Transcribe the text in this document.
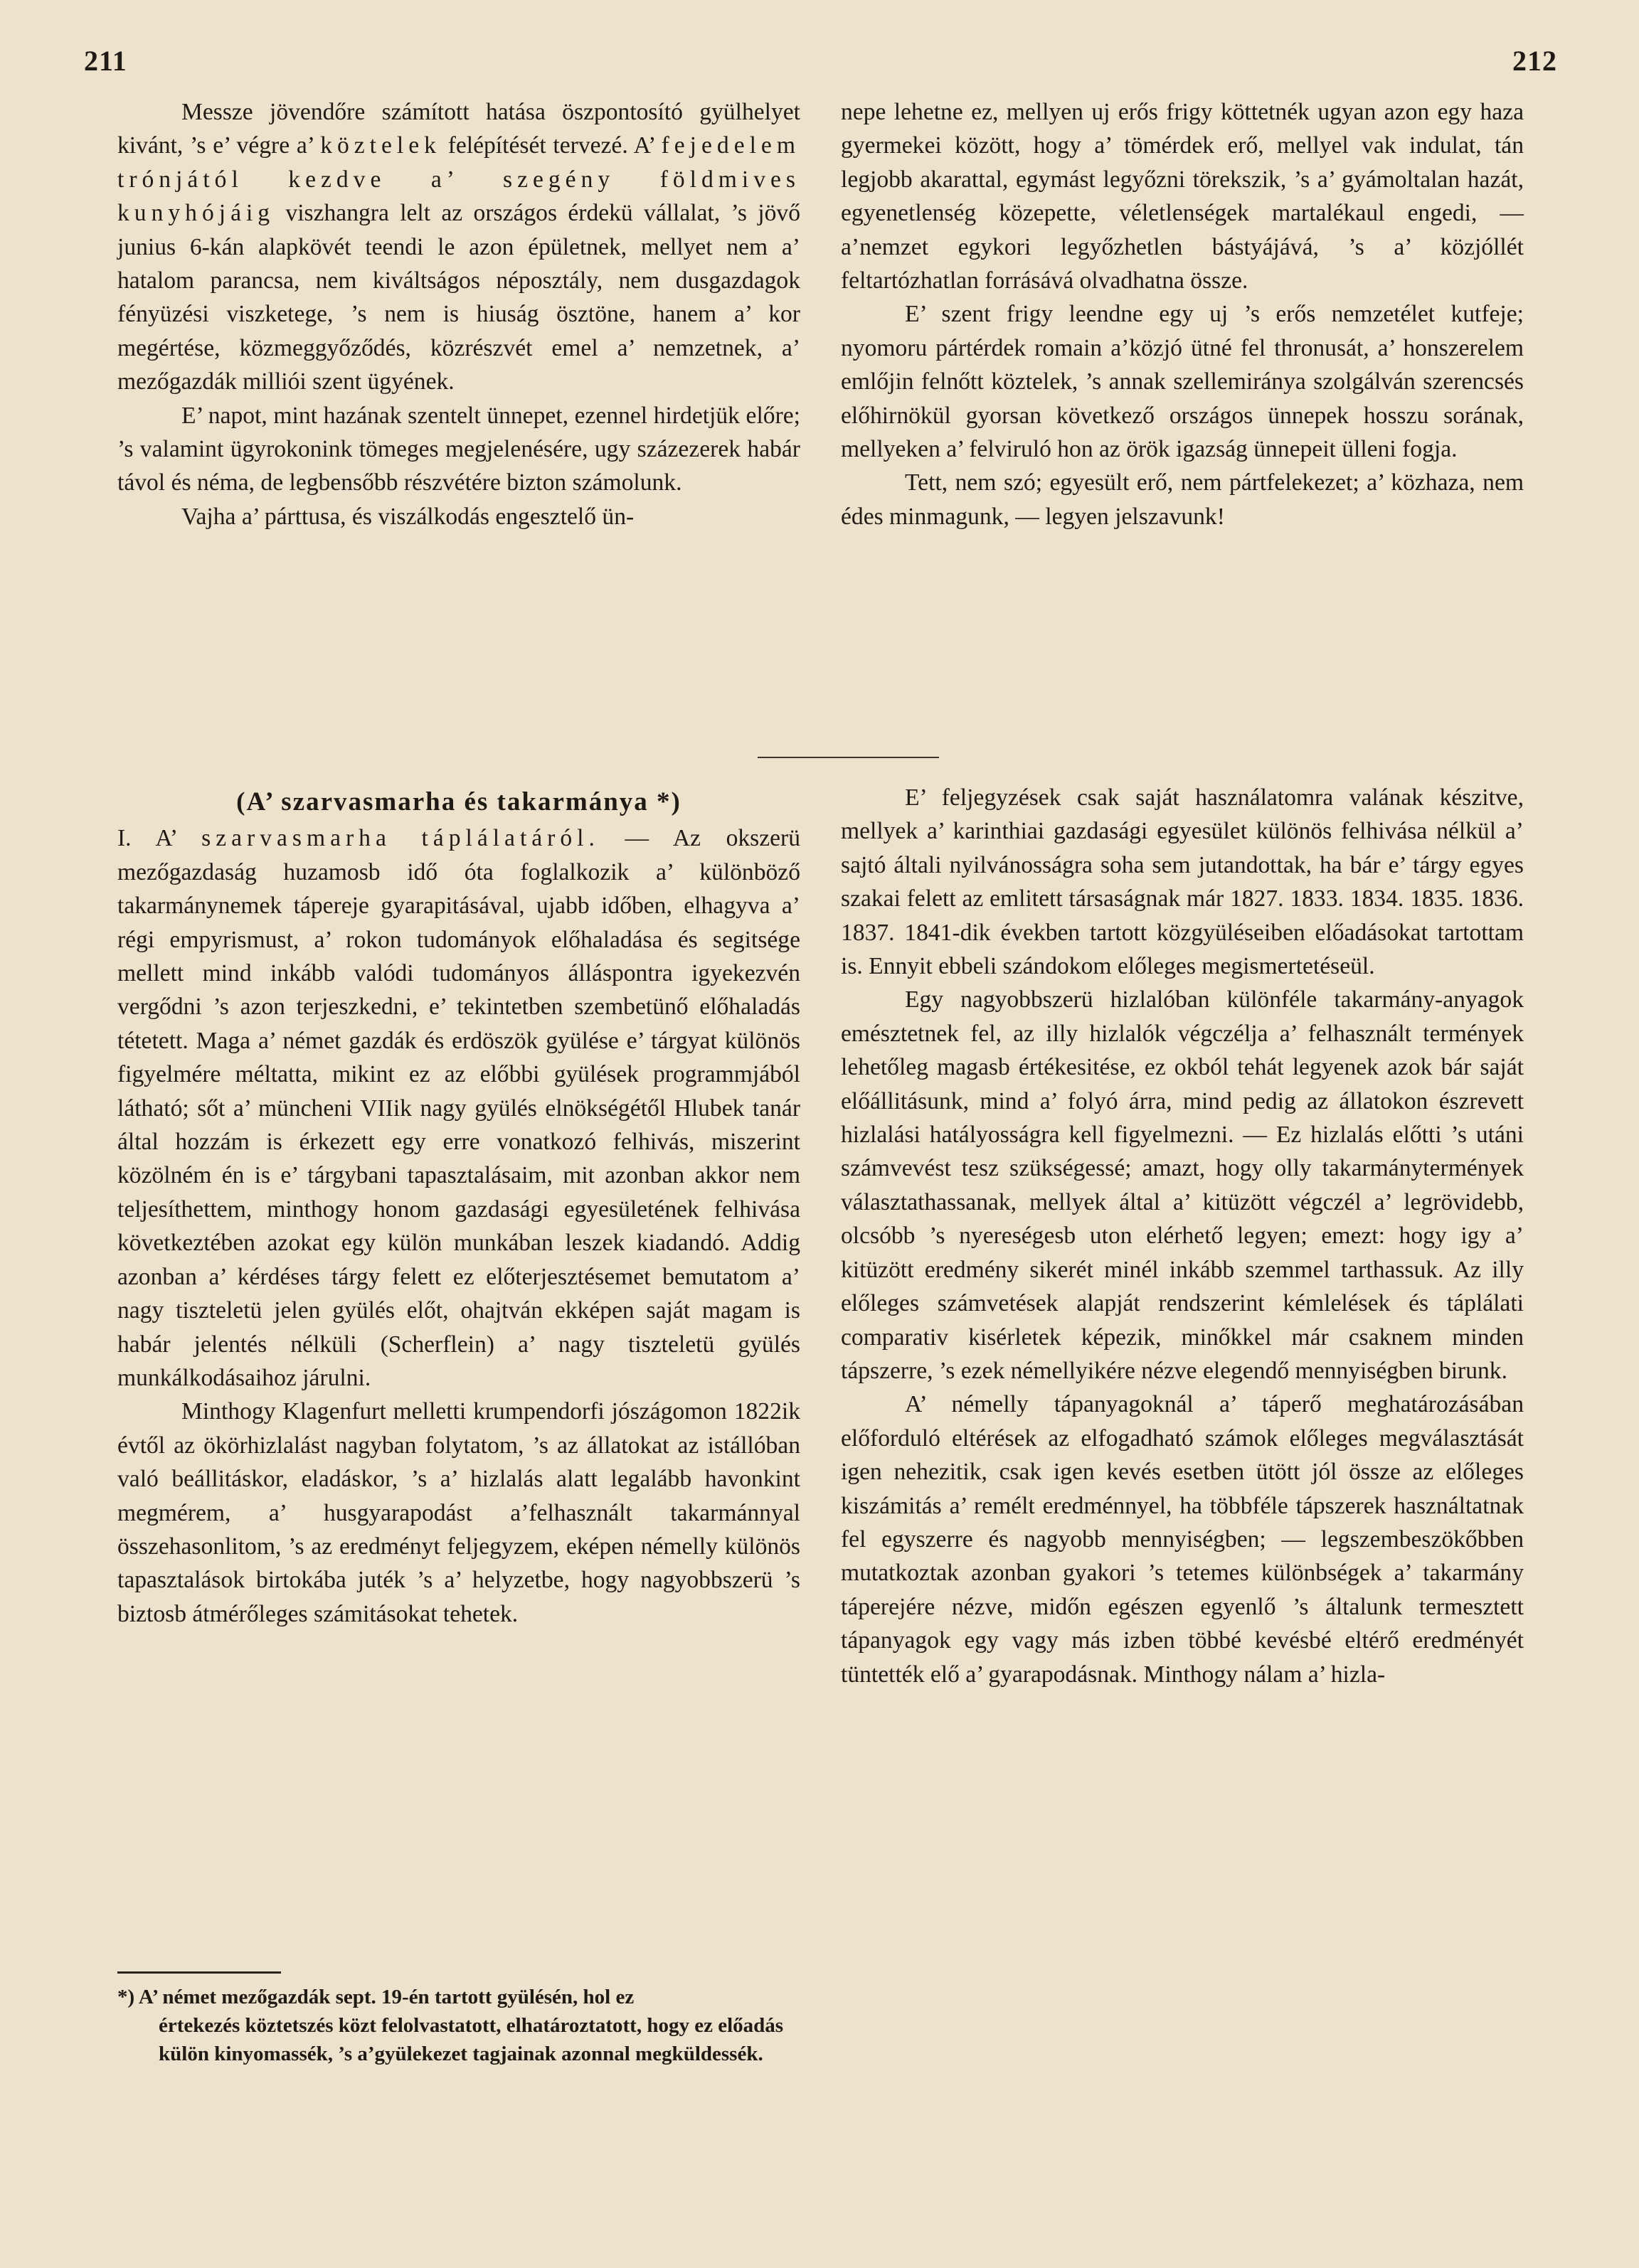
211	212

Messze jövendőre számított hatása öszpontosító gyülhelyet kivánt, ’s e’ végre a’ köztelek felépítését tervezé. A’ fejedelem trónjától kezdve a’ szegény földmives kunyhójáig viszhangra lelt az országos érdekü vállalat, ’s jövő junius 6-kán alapkövét teendi le azon épületnek, mellyet nem a’ hatalom parancsa, nem kiváltságos néposztály, nem dusgazdagok fényüzési viszketege, ’s nem is hiuság ösztöne, hanem a’ kor megértése, közmeggyőződés, közrészvét emel a’ nemzetnek, a’ mezőgazdák milliói szent ügyének.

E’ napot, mint hazának szentelt ünnepet, ezennel hirdetjük előre; ’s valamint ügyrokonink tömeges megjelenésére, ugy százezerek habár távol és néma, de legbensőbb részvétére bizton számolunk.

Vajha a’ párttusa, és viszálkodás engesztelő ün-

nepe lehetne ez, mellyen uj erős frigy köttetnék ugyan azon egy haza gyermekei között, hogy a’ tömérdek erő, mellyel vak indulat, tán legjobb akarattal, egymást legyőzni törekszik, ’s a’ gyámoltalan hazát, egyenetlenség közepette, véletlenségek martalékaul engedi, — a’nemzet egykori legyőzhetlen bástyájává, ’s a’ közjóllét feltartózhatlan forrásává olvadhatna össze.

E’ szent frigy leendne egy uj ’s erős nemzetélet kutfeje; nyomoru pártérdek romain a’közjó ütné fel thronusát, a’ honszerelem emlőjin felnőtt köztelek, ’s annak szellemiránya szolgálván szerencsés előhirnökül gyorsan következő országos ünnepek hosszu sorának, mellyeken a’ felviruló hon az örök igazság ünnepeit ülleni fogja.

Tett, nem szó; egyesült erő, nem pártfelekezet; a’ közhaza, nem édes minmagunk, — legyen jelszavunk!

(A’ szarvasmarha és takarmánya *)

I. A’ szarvasmarha táplálatáról. — Az okszerü mezőgazdaság huzamosb idő óta foglalkozik a’ különböző takarmánynemek tápereje gyarapitásával, ujabb időben, elhagyva a’ régi empyrismust, a’ rokon tudományok előhaladása és segitsége mellett mind inkább valódi tudományos álláspontra igyekezvén vergődni ’s azon terjeszkedni, e’ tekintetben szembetünő előhaladás tétetett. Maga a’ német gazdák és erdöszök gyülése e’ tárgyat különös figyelmére méltatta, mikint ez az előbbi gyülések programmjából látható; sőt a’ müncheni VIIik nagy gyülés elnökségétől Hlubek tanár által hozzám is érkezett egy erre vonatkozó felhivás, miszerint közölném én is e’ tárgybani tapasztalásaim, mit azonban akkor nem teljesíthettem, minthogy honom gazdasági egyesületének felhivása következtében azokat egy külön munkában leszek kiadandó. Addig azonban a’ kérdéses tárgy felett ez előterjesztésemet bemutatom a’ nagy tiszteletü jelen gyülés előt, ohajtván ekképen saját magam is habár jelentés nélküli (Scherflein) a’ nagy tiszteletü gyülés munkálkodásaihoz járulni.

Minthogy Klagenfurt melletti krumpendorfi jószágomon 1822ik évtől az ökörhizlalást nagyban folytatom, ’s az állatokat az istállóban való beállitáskor, eladáskor, ’s a’ hizlalás alatt legalább havonkint megmérem, a’ husgyarapodást a’felhasznált takarmánnyal összehasonlitom, ’s az eredményt feljegyzem, eképen némelly különös tapasztalások birtokába juték ’s a’ helyzetbe, hogy nagyobbszerü ’s biztosb átmérőleges számitásokat tehetek.

E’ feljegyzések csak saját használatomra valának készitve, mellyek a’ karinthiai gazdasági egyesület különös felhivása nélkül a’ sajtó általi nyilvánosságra soha sem jutandottak, ha bár e’ tárgy egyes szakai felett az emlitett társaságnak már 1827. 1833. 1834. 1835. 1836. 1837. 1841-dik években tartott közgyüléseiben előadásokat tartottam is. Ennyit ebbeli szándokom előleges megismertetéseül.

Egy nagyobbszerü hizlalóban különféle takarmány-anyagok emésztetnek fel, az illy hizlalók végczélja a’ felhasznált termények lehetőleg magasb értékesitése, ez okból tehát legyenek azok bár saját előállitásunk, mind a’ folyó árra, mind pedig az állatokon észrevett hizlalási hatályosságra kell figyelmezni. — Ez hizlalás előtti ’s utáni számvevést tesz szükségessé; amazt, hogy olly takarmánytermények választathassanak, mellyek által a’ kitüzött végczél a’ legrövidebb, olcsóbb ’s nyereségesb uton elérhető legyen; emezt: hogy igy a’ kitüzött eredmény sikerét minél inkább szemmel tarthassuk. Az illy előleges számvetések alapját rendszerint kémlelések és táplálati comparativ kisérletek képezik, minőkkel már csaknem minden tápszerre, ’s ezek némellyikére nézve elegendő mennyiségben birunk.

A’ némelly tápanyagoknál a’ táperő meghatározásában előforduló eltérések az elfogadható számok előleges megválasztását igen nehezitik, csak igen kevés esetben ütött jól össze az előleges kiszámitás a’ remélt eredménnyel, ha többféle tápszerek használtatnak fel egyszerre és nagyobb mennyiségben; — legszembeszökőbben mutatkoztak azonban gyakori ’s tetemes különbségek a’ takarmány táperejére nézve, midőn egészen egyenlő ’s általunk termesztett tápanyagok egy vagy más izben többé kevésbé eltérő eredményét tüntették elő a’ gyarapodásnak. Minthogy nálam a’ hizla-

*) A’ német mezőgazdák sept. 19-én tartott gyülésén, hol ez
értekezés köztetszés közt felolvastatott, elhatároztatott, hogy ez előadás külön kinyomassék, ’s a’gyülekezet tagjainak azonnal megküldessék.
